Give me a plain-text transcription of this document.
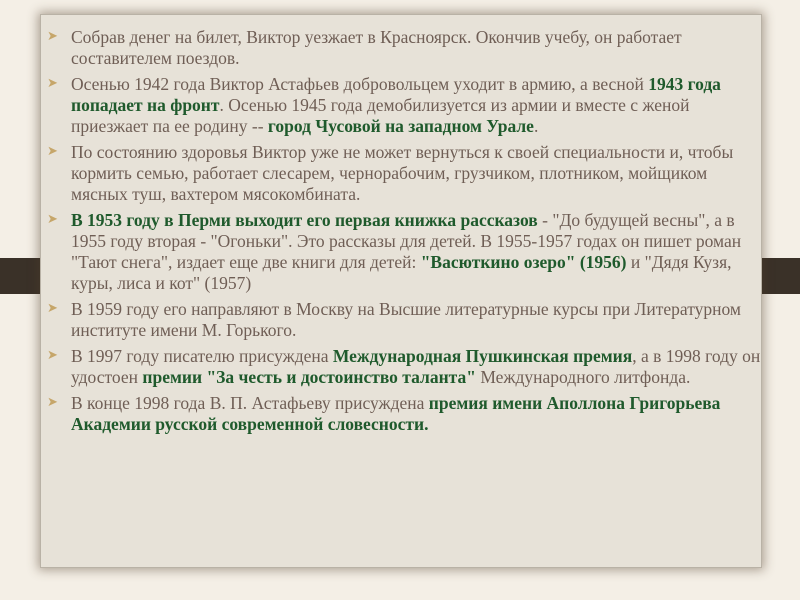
➤ Собрав денег на билет, Виктор уезжает в Красноярск. Окончив учебу, он работает составителем поездов.
➤ Осенью 1942 года Виктор Астафьев добровольцем уходит в армию, а весной 1943 года попадает на фронт. Осенью 1945 года демобилизуется из армии и вместе с женой приезжает па ее родину -- город Чусовой на западном Урале.
➤ По состоянию здоровья Виктор уже не может вернуться к своей специальности и, чтобы кормить семью, работает слесарем, чернорабочим, грузчиком, плотником, мойщиком мясных туш, вахтером мясокомбината.
➤ В 1953 году в Перми выходит его первая книжка рассказов - "До будущей весны", а в 1955 году вторая - "Огоньки". Это рассказы для детей. В 1955-1957 годах он пишет роман "Тают снега", издает еще две книги для детей: "Васюткино озеро" (1956) и "Дядя Кузя, куры, лиса и кот" (1957)
➤ В 1959 году его направляют в Москву на Высшие литературные курсы при Литературном институте имени М. Горького.
➤ В 1997 году писателю присуждена Международная Пушкинская премия, а в 1998 году он удостоен премии "За честь и достоинство таланта" Международного литфонда.
➤ В конце 1998 года В. П. Астафьеву присуждена премия имени Аполлона Григорьева Академии русской современной словесности.
